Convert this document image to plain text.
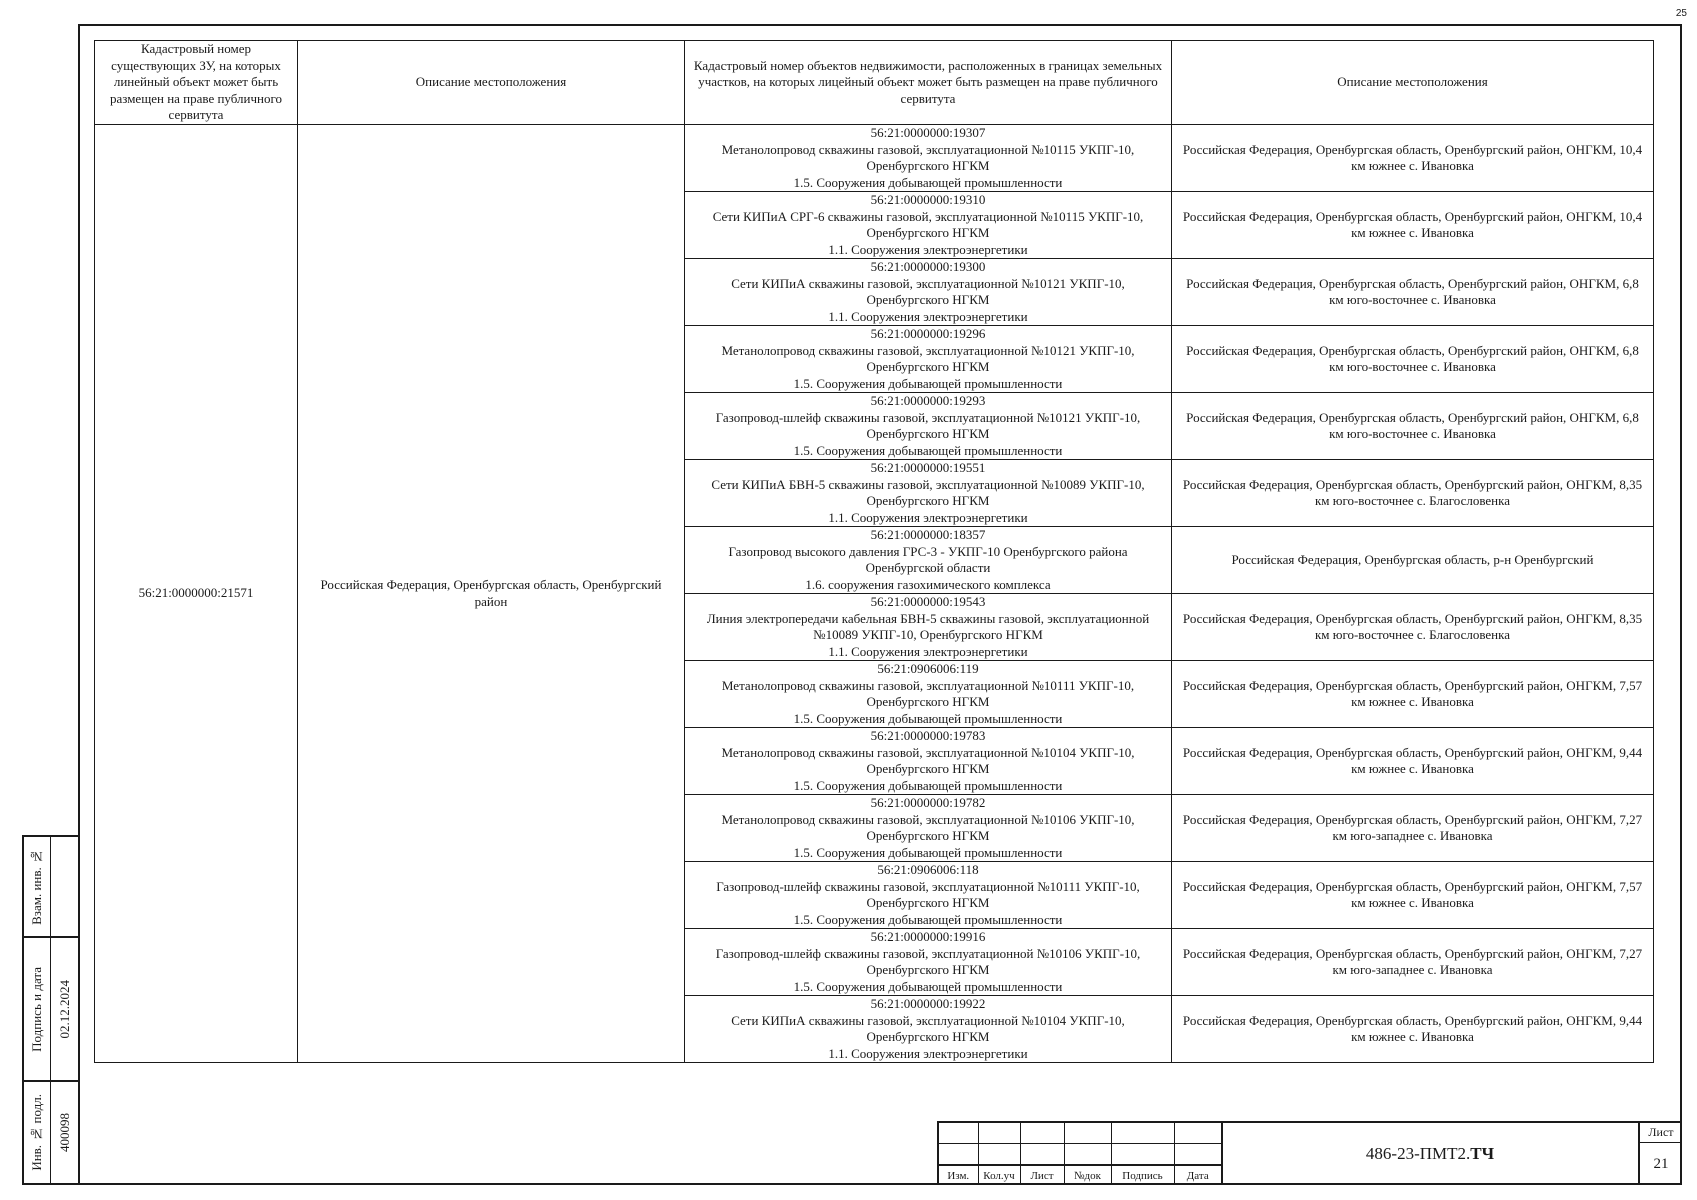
25
Кадастровый номер существующих ЗУ, на которых линейный объект может быть размещен на праве публичного сервитута	Описание местоположения	Кадастровый номер объектов недвижимости, расположенных в границах земельных участков, на которых лицейный объект может быть размещен на праве публичного сервитута	Описание местоположения
56:21:0000000:21571	Российская Федерация, Оренбургская область, Оренбургский район	56:21:0000000:19307
Метанолопровод скважины газовой, эксплуатационной №10115 УКПГ-10, Оренбургского НГКМ
1.5. Сооружения добывающей промышленности	Российская Федерация, Оренбургская область, Оренбургский район, ОНГКМ, 10,4 км южнее с. Ивановка

		56:21:0000000:19310
Сети КИПиА СРГ-6 скважины газовой, эксплуатационной №10115 УКПГ-10, Оренбургского НГКМ
1.1. Сооружения электроэнергетики	Российская Федерация, Оренбургская область, Оренбургский район, ОНГКМ, 10,4 км южнее с. Ивановка

		56:21:0000000:19300
Сети КИПиА скважины газовой, эксплуатационной №10121 УКПГ-10, Оренбургского НГКМ
1.1. Сооружения электроэнергетики	Российская Федерация, Оренбургская область, Оренбургский район, ОНГКМ, 6,8 км юго-восточнее с. Ивановка

		56:21:0000000:19296
Метанолопровод скважины газовой, эксплуатационной №10121 УКПГ-10, Оренбургского НГКМ
1.5. Сооружения добывающей промышленности	Российская Федерация, Оренбургская область, Оренбургский район, ОНГКМ, 6,8 км юго-восточнее с. Ивановка

		56:21:0000000:19293
Газопровод-шлейф скважины газовой, эксплуатационной №10121 УКПГ-10, Оренбургского НГКМ
1.5. Сооружения добывающей промышленности	Российская Федерация, Оренбургская область, Оренбургский район, ОНГКМ, 6,8 км юго-восточнее с. Ивановка

		56:21:0000000:19551
Сети КИПиА БВН-5 скважины газовой, эксплуатационной №10089 УКПГ-10, Оренбургского НГКМ
1.1. Сооружения электроэнергетики	Российская Федерация, Оренбургская область, Оренбургский район, ОНГКМ, 8,35 км юго-восточнее с. Благословенка

		56:21:0000000:18357
Газопровод высокого давления ГРС-3 - УКПГ-10 Оренбургского района Оренбургской области
1.6. сооружения газохимического комплекса	Российская Федерация, Оренбургская область, р-н Оренбургский

		56:21:0000000:19543
Линия электропередачи кабельная БВН-5 скважины газовой, эксплуатационной №10089 УКПГ-10, Оренбургского НГКМ
1.1. Сооружения электроэнергетики	Российская Федерация, Оренбургская область, Оренбургский район, ОНГКМ, 8,35 км юго-восточнее с. Благословенка

		56:21:0906006:119
Метанолопровод скважины газовой, эксплуатационной №10111 УКПГ-10, Оренбургского НГКМ
1.5. Сооружения добывающей промышленности	Российская Федерация, Оренбургская область, Оренбургский район, ОНГКМ, 7,57 км южнее с. Ивановка

		56:21:0000000:19783
Метанолопровод скважины газовой, эксплуатационной №10104 УКПГ-10, Оренбургского НГКМ
1.5. Сооружения добывающей промышленности	Российская Федерация, Оренбургская область, Оренбургский район, ОНГКМ, 9,44 км южнее с. Ивановка

		56:21:0000000:19782
Метанолопровод скважины газовой, эксплуатационной №10106 УКПГ-10, Оренбургского НГКМ
1.5. Сооружения добывающей промышленности	Российская Федерация, Оренбургская область, Оренбургский район, ОНГКМ, 7,27 км юго-западнее с. Ивановка

		56:21:0906006:118
Газопровод-шлейф скважины газовой, эксплуатационной №10111 УКПГ-10, Оренбургского НГКМ
1.5. Сооружения добывающей промышленности	Российская Федерация, Оренбургская область, Оренбургский район, ОНГКМ, 7,57 км южнее с. Ивановка

		56:21:0000000:19916
Газопровод-шлейф скважины газовой, эксплуатационной №10106 УКПГ-10, Оренбургского НГКМ
1.5. Сооружения добывающей промышленности	Российская Федерация, Оренбургская область, Оренбургский район, ОНГКМ, 7,27 км юго-западнее с. Ивановка

		56:21:0000000:19922
Сети КИПиА скважины газовой, эксплуатационной №10104 УКПГ-10, Оренбургского НГКМ
1.1. Сооружения электроэнергетики	Российская Федерация, Оренбургская область, Оренбургский район, ОНГКМ, 9,44 км южнее с. Ивановка
Взам. инв. №
Подпись и дата 02.12.2024
Инв. № подл. 400098

Изм.	Кол.уч	Лист	№док	Подпись	Дата
486-23-ПМТ2. ТЧ
Лист
21
